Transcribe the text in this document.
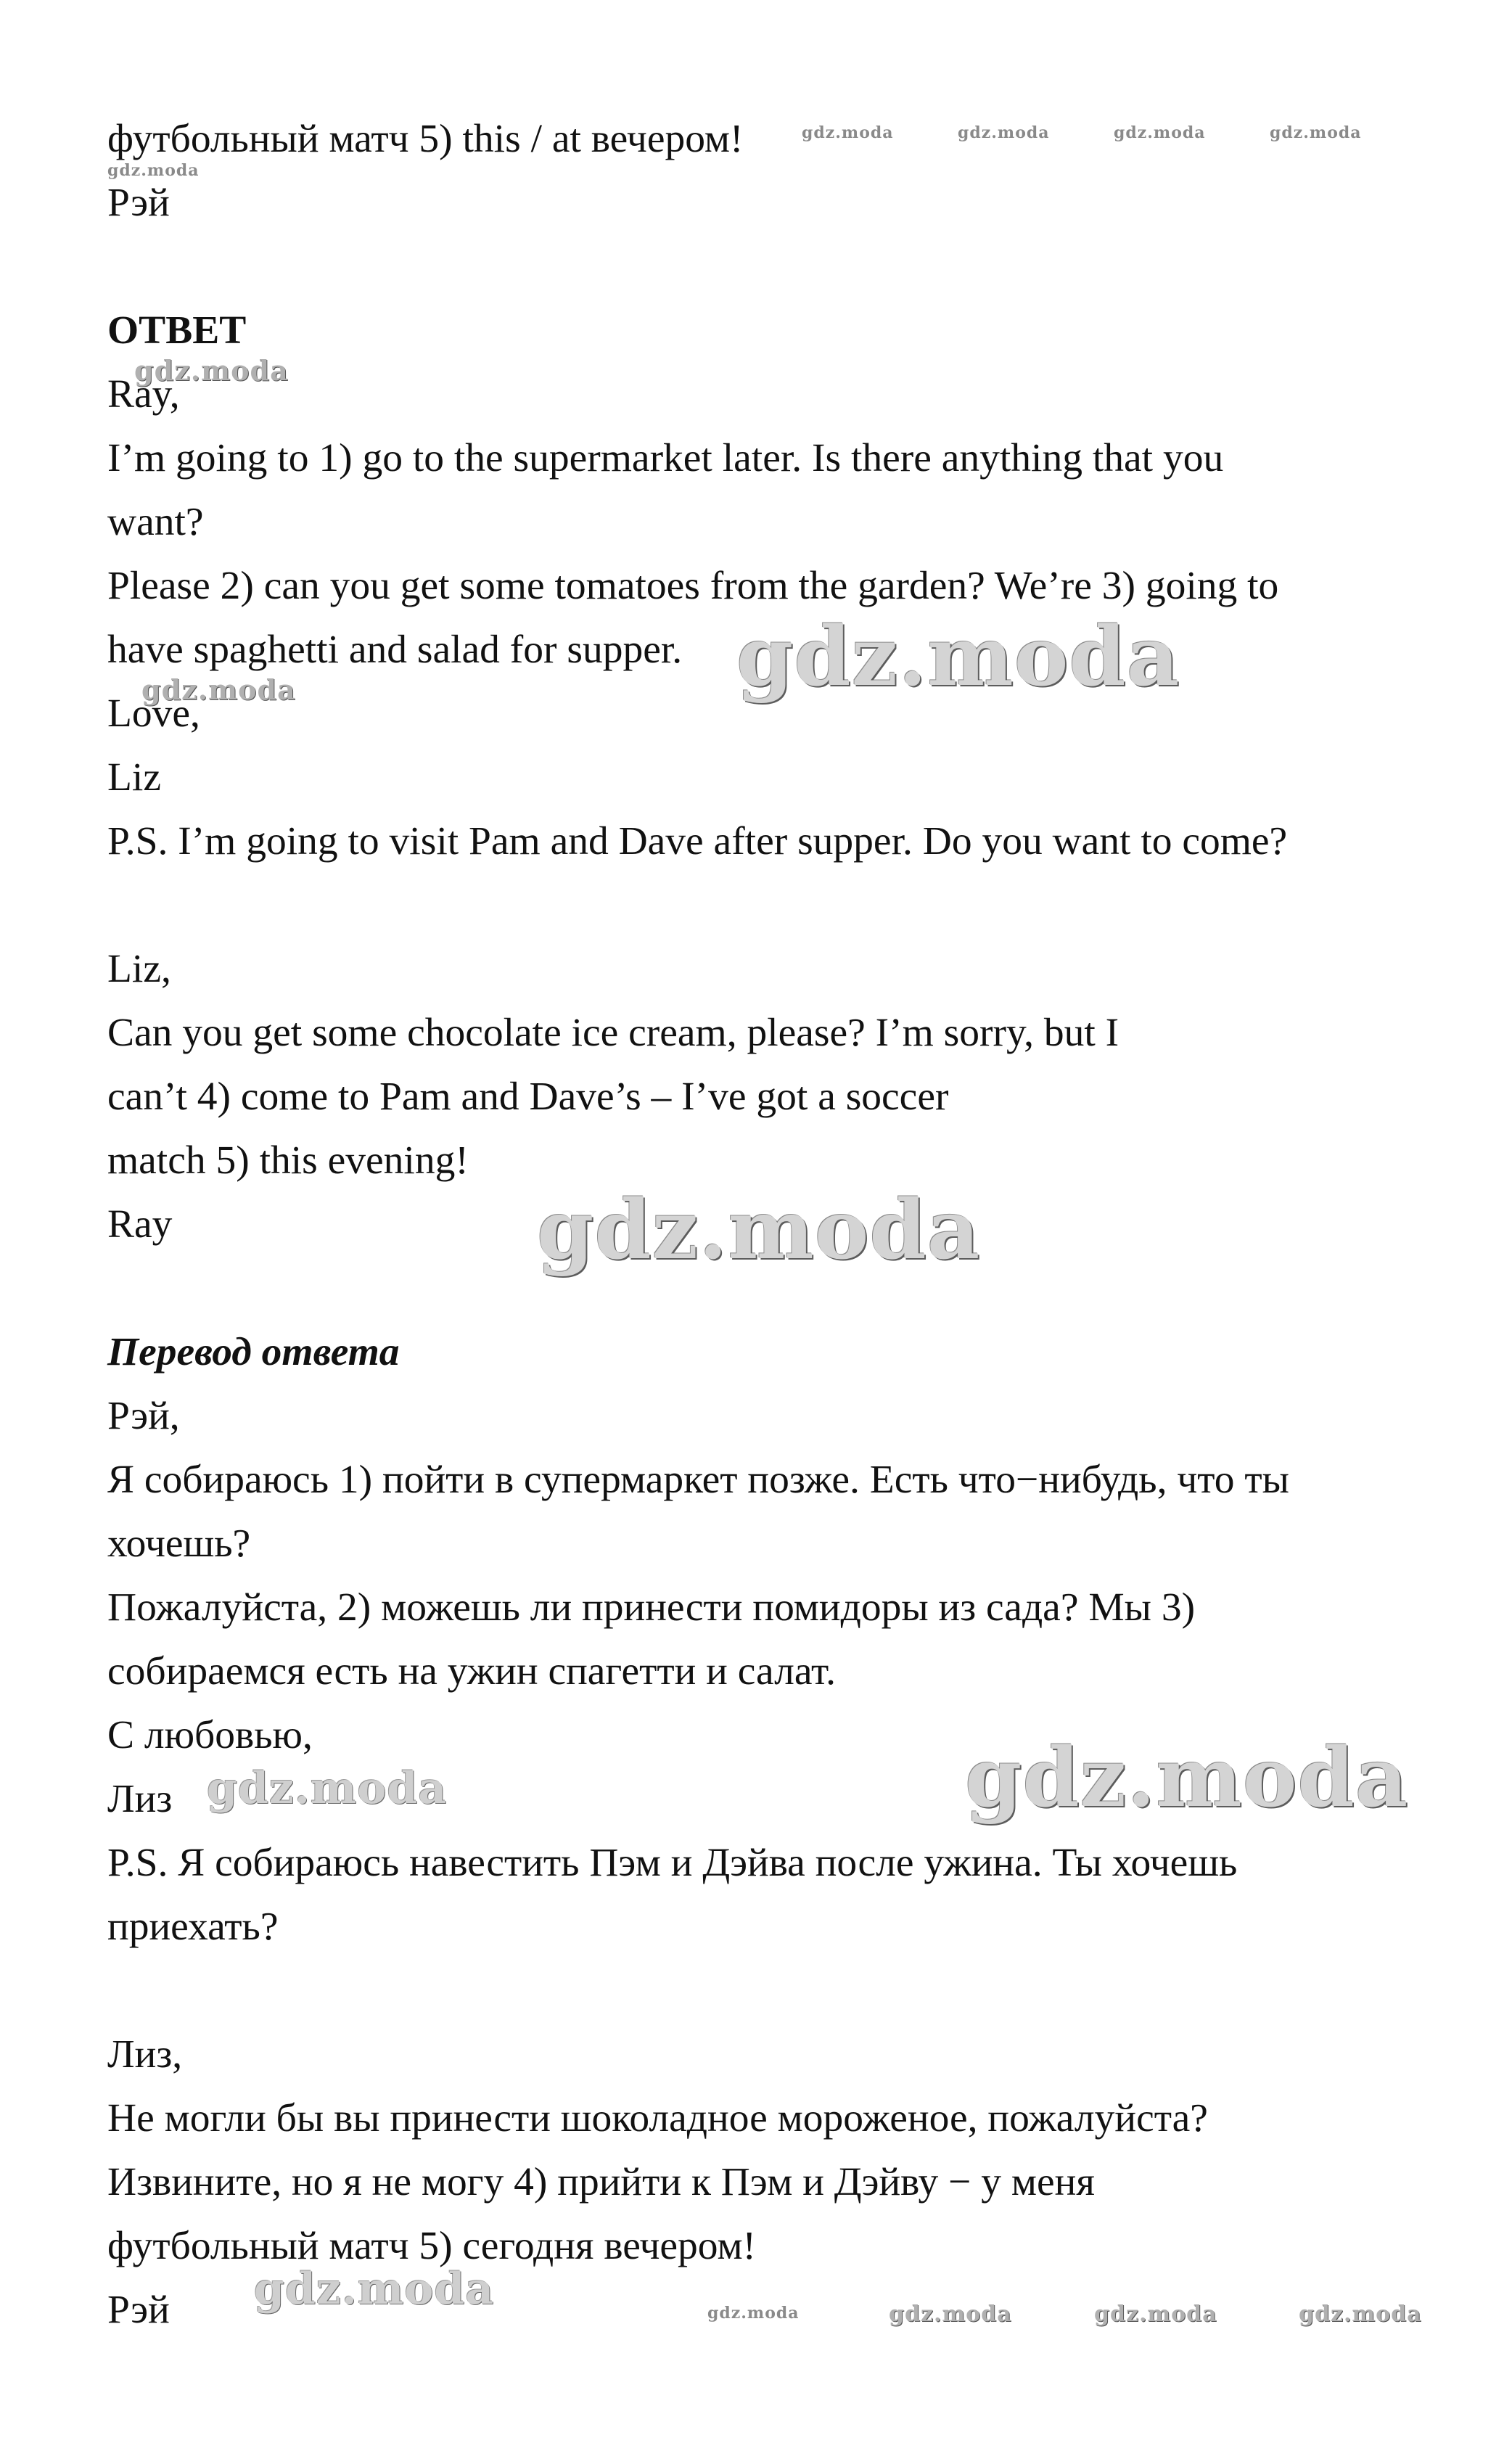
футбольный матч 5) this / at вечером!
Рэй
ОТВЕТ
Ray,
I’m going to 1) go to the supermarket later. Is there anything that you
want?
Please 2) can you get some tomatoes from the garden? We’re 3) going to
have spaghetti and salad for supper.
Love,
Liz
P.S. I’m going to visit Pam and Dave after supper. Do you want to come?
Liz,
Can you get some chocolate ice cream, please? I’m sorry, but I
can’t 4) come to Pam and Dave’s – I’ve got a soccer
match 5) this evening!
Ray
Перевод ответа
Рэй,
Я собираюсь 1) пойти в супермаркет позже. Есть что−нибудь, что ты
хочешь?
Пожалуйста, 2) можешь ли принести помидоры из сада? Мы 3)
собираемся есть на ужин спагетти и салат.
С любовью,
Лиз
P.S. Я собираюсь навестить Пэм и Дэйва после ужина. Ты хочешь
приехать?
Лиз,
Не могли бы вы принести шоколадное мороженое, пожалуйста?
Извините, но я не могу 4) прийти к Пэм и Дэйву − у меня
футбольный матч 5) сегодня вечером!
Рэй
gdz.moda	gdz.moda	gdz.moda	gdz.moda
gdz.moda
gdz.moda
gdz.moda	gdz.moda
gdz.moda
gdz.moda	gdz.moda
gdz.moda	gdz.moda	gdz.moda	gdz.moda	gdz.moda
